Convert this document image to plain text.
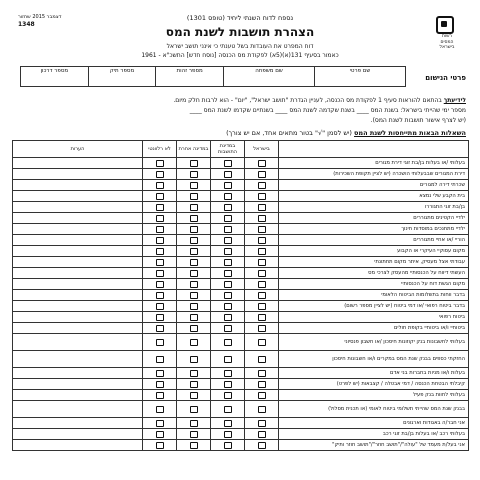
דצמבר 2015 שחזור
1348
רשות
המסים
בישראל
נספח לדוח השנתי ליחיד (טופס 1301)
הצהרת תושבות לשנת המס
דוח המפרט את העובדות בשל טענתי כי אינני תושב ישראל
כאמור בסעיף 131(א)(5א) לפקודת מס הכנסה [נוסח חדש] התשכ"א - 1961
פרטי הנישום
שם פרטי	שם משפחה	מספר זהות	מספר תיק	מספר דרכון
לידיעתך בהתאם להוראות סעיף 1 לפקודת מס הכנסה, לעניין הגדרת "תושב ישראל", "יום" - הוא לרבות חלק מיום.
מספר ימי שהייתי בישראל: בשנת המס ____ בשנת שקדמה לשנת המס ____ בשנתיים שקדמו לשנת המס ____
(יש לצרף אישור תושבות לשנת המס).
השאלות הבאות מתייחסות לשנת המס (יש לסמן "√" בטור מתאים אחד, אם יש צורך)
	בישראל	במדינת התושבות	במדינה אחרת	לא רלוונטי	הערות
בעלותי /או בעלות בן/בת זוגי דירת מגורים	

דירת המגורים שבבעלותי הושכרה (יש לציין תקופת השכירות)	

שכרתי דירה למגורים	

בית הקבע שלי נמצא	

בן/בת זוגי התגוררו	

ילדיי הקטינים מתגוררים	

ילדיי מתחנכים במוסדות חינוך	

הוריי /או אחיי מתגוררים	

מקום עסוקיי העיקרי או הקבוע	

עבודתי אצל מעסיק, איתר מקום תחתונתי	

העשתי דיווח על הכנסותיי מהעסק לצרכי מס	

מקום הגשת דוח על הכנסותיי	

בדבר ווחות בתשלומות הביטוח הלאומי	

בדבר ביטוח רפואי /או דמי ביטוח (יש לציין מספר רשום)	

ביטוח רפואי	

ביטוחיי ו/או ביטוחיי בקופת חולים	

בעלותי לחשבונות בנק יקוזונות חיסכון /או חשבון פנסיוני	

החזקתי כספים בבנק שנת המס במקרים ו/או חשבונות חיסכון	

בעלות ו/או מניות בחברות בני אדם	

קיבלתי הבטחת הכנסה / דמי אבטלה / קצבאות (יש לפרט)	

בעלותי לחוות בנק פעיל	

בבנק שנת המס שהייתי תשלומי ביטוח לאומי (או תכנית מסלול)	

אני חבר/ה באגודות וארגונים	

בעלותי רכב /או בעלות בן/בת זוגי רכב	

אני בעל/ת מעמד של "עולה"/"תושב חוזר"/"תושב חוזר ותיק"	
